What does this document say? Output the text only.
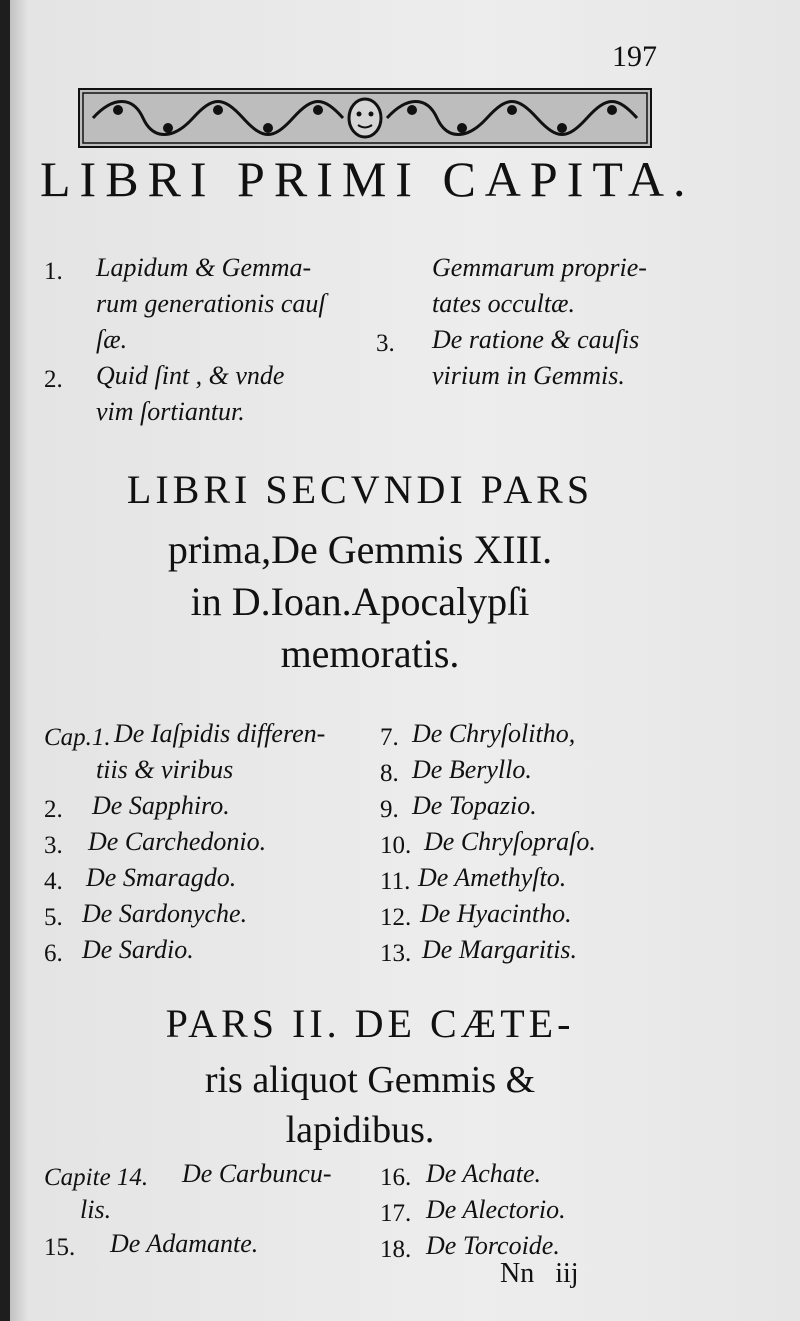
197
LIBRI PRIMI CAPITA.
1. Lapidum & Gemma-
rum generationis cauſ
ſæ.
2. Quid ſint , & vnde
vim ſortiantur.
Gemmarum proprie-
tates occultæ.
3. De ratione & cauſis
virium in Gemmis.
LIBRI SECVNDI PARS
prima,De Gemmis XIII.
in D.Ioan.Apocalypſi
memoratis.
Cap.1. De Iaſpidis differen-
tiis & viribus
2. De Sapphiro.
3. De Carchedonio.
4. De Smaragdo.
5. De Sardonyche.
6. De Sardio.
7. De Chryſolitho,
8. De Beryllo.
9. De Topazio.
10. De Chryſopraſo.
11. De Amethyſto.
12. De Hyacintho.
13. De Margaritis.
PARS II. DE CÆTE-
ris aliquot Gemmis &
lapidibus.
Capite 14. De Carbuncu-
lis.
15. De Adamante.
16. De Achate.
17. De Alectorio.
18. De Torcoide.
Nn   iij
